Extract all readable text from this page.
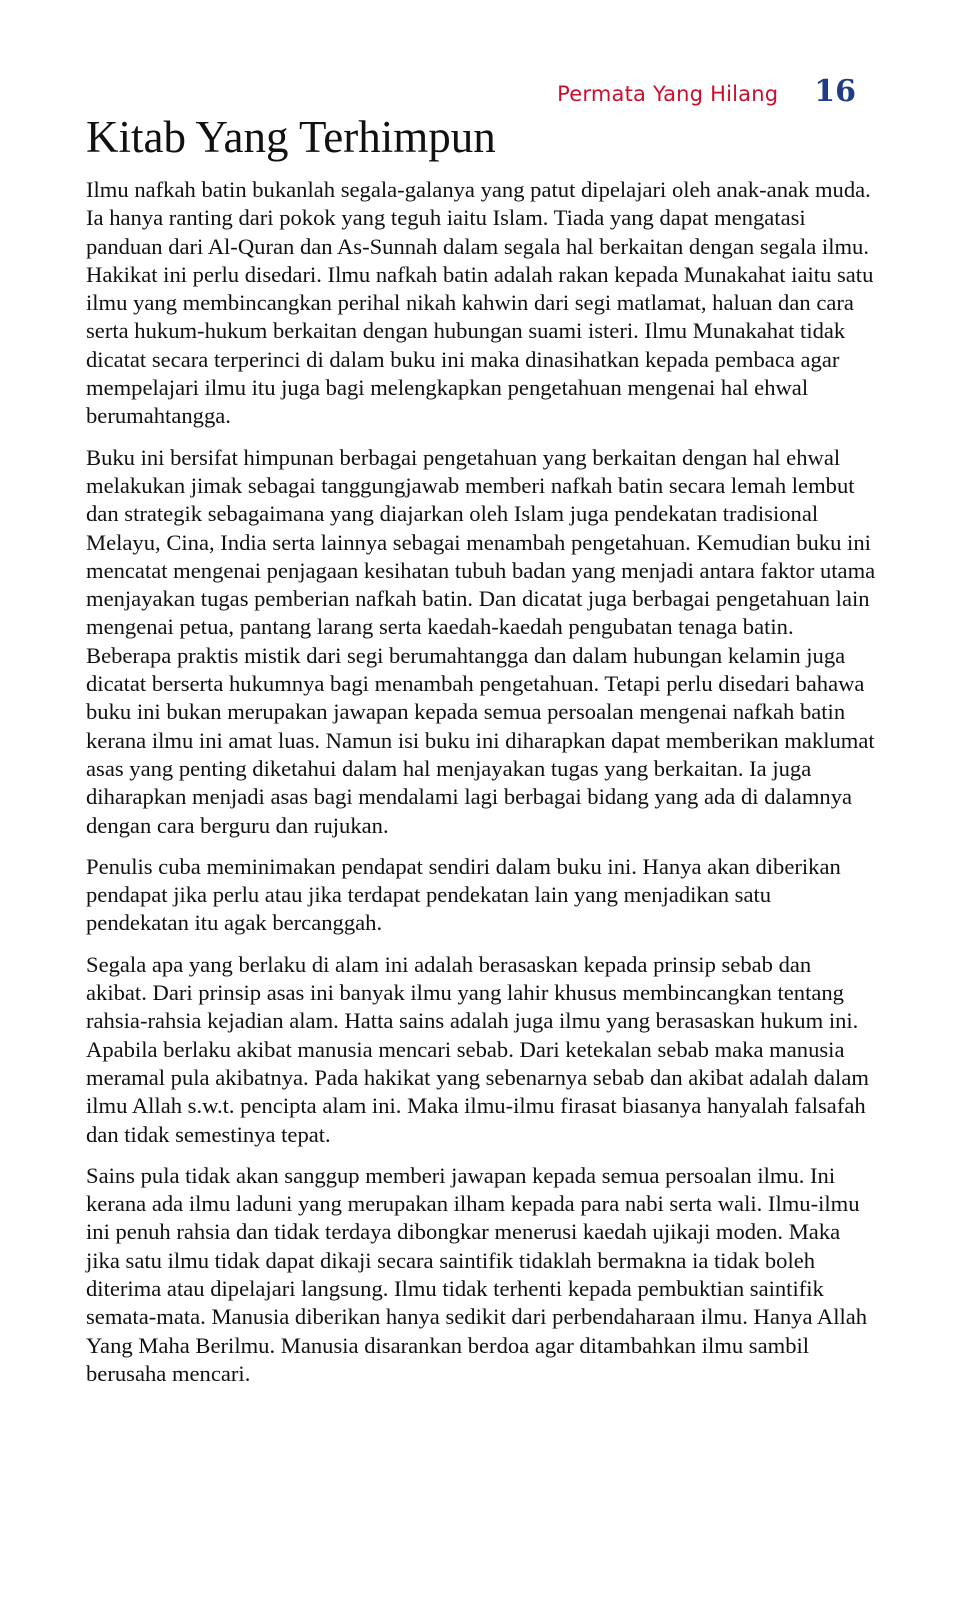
Permata Yang Hilang 16
Kitab Yang Terhimpun

Ilmu nafkah batin bukanlah segala-galanya yang patut dipelajari oleh anak-anak muda. Ia hanya ranting dari pokok yang teguh iaitu Islam. Tiada yang dapat mengatasi panduan dari Al-Quran dan As-Sunnah dalam segala hal berkaitan dengan segala ilmu. Hakikat ini perlu disedari. Ilmu nafkah batin adalah rakan kepada Munakahat iaitu satu ilmu yang membincangkan perihal nikah kahwin dari segi matlamat, haluan dan cara serta hukum-hukum berkaitan dengan hubungan suami isteri. Ilmu Munakahat tidak dicatat secara terperinci di dalam buku ini maka dinasihatkan kepada pembaca agar mempelajari ilmu itu juga bagi melengkapkan pengetahuan mengenai hal ehwal berumahtangga.

Buku ini bersifat himpunan berbagai pengetahuan yang berkaitan dengan hal ehwal melakukan jimak sebagai tanggungjawab memberi nafkah batin secara lemah lembut dan strategik sebagaimana yang diajarkan oleh Islam juga pendekatan tradisional Melayu, Cina, India serta lainnya sebagai menambah pengetahuan. Kemudian buku ini mencatat mengenai penjagaan kesihatan tubuh badan yang menjadi antara faktor utama menjayakan tugas pemberian nafkah batin. Dan dicatat juga berbagai pengetahuan lain mengenai petua, pantang larang serta kaedah-kaedah pengubatan tenaga batin. Beberapa praktis mistik dari segi berumahtangga dan dalam hubungan kelamin juga dicatat berserta hukumnya bagi menambah pengetahuan. Tetapi perlu disedari bahawa buku ini bukan merupakan jawapan kepada semua persoalan mengenai nafkah batin kerana ilmu ini amat luas. Namun isi buku ini diharapkan dapat memberikan maklumat asas yang penting diketahui dalam hal menjayakan tugas yang berkaitan. Ia juga diharapkan menjadi asas bagi mendalami lagi berbagai bidang yang ada di dalamnya dengan cara berguru dan rujukan.

Penulis cuba meminimakan pendapat sendiri dalam buku ini. Hanya akan diberikan pendapat jika perlu atau jika terdapat pendekatan lain yang menjadikan satu pendekatan itu agak bercanggah.

Segala apa yang berlaku di alam ini adalah berasaskan kepada prinsip sebab dan akibat. Dari prinsip asas ini banyak ilmu yang lahir khusus membincangkan tentang rahsia-rahsia kejadian alam. Hatta sains adalah juga ilmu yang berasaskan hukum ini. Apabila berlaku akibat manusia mencari sebab. Dari ketekalan sebab maka manusia meramal pula akibatnya. Pada hakikat yang sebenarnya sebab dan akibat adalah dalam ilmu Allah s.w.t. pencipta alam ini. Maka ilmu-ilmu firasat biasanya hanyalah falsafah dan tidak semestinya tepat.

Sains pula tidak akan sanggup memberi jawapan kepada semua persoalan ilmu. Ini kerana ada ilmu laduni yang merupakan ilham kepada para nabi serta wali. Ilmu-ilmu ini penuh rahsia dan tidak terdaya dibongkar menerusi kaedah ujikaji moden. Maka jika satu ilmu tidak dapat dikaji secara saintifik tidaklah bermakna ia tidak boleh diterima atau dipelajari langsung. Ilmu tidak terhenti kepada pembuktian saintifik semata-mata. Manusia diberikan hanya sedikit dari perbendaharaan ilmu. Hanya Allah Yang Maha Berilmu. Manusia disarankan berdoa agar ditambahkan ilmu sambil berusaha mencari.
